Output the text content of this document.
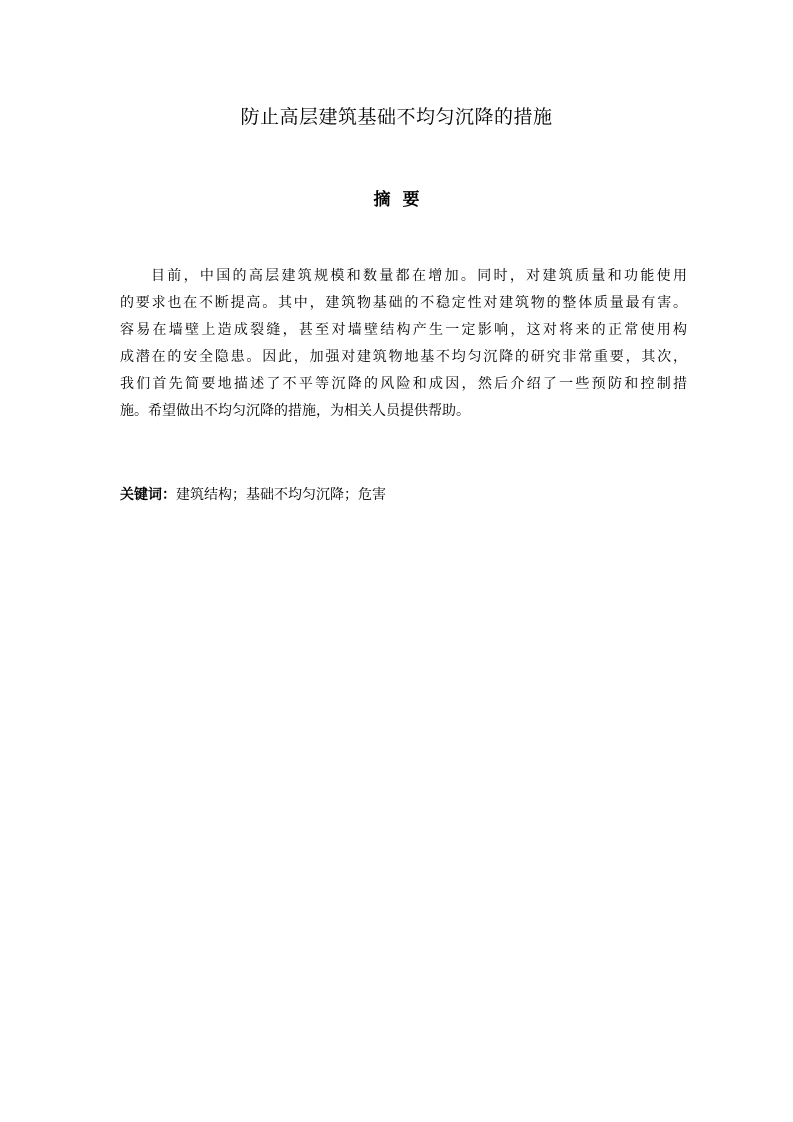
防止高层建筑基础不均匀沉降的措施
摘 要
目前，中国的高层建筑规模和数量都在增加。同时，对建筑质量和功能使用
的要求也在不断提高。其中，建筑物基础的不稳定性对建筑物的整体质量最有害。
容易在墙壁上造成裂缝，甚至对墙壁结构产生一定影响，这对将来的正常使用构
成潜在的安全隐患。因此，加强对建筑物地基不均匀沉降的研究非常重要，其次，
我们首先简要地描述了不平等沉降的风险和成因，然后介绍了一些预防和控制措
施。希望做出不均匀沉降的措施，为相关人员提供帮助。
关键词：建筑结构；基础不均匀沉降；危害
